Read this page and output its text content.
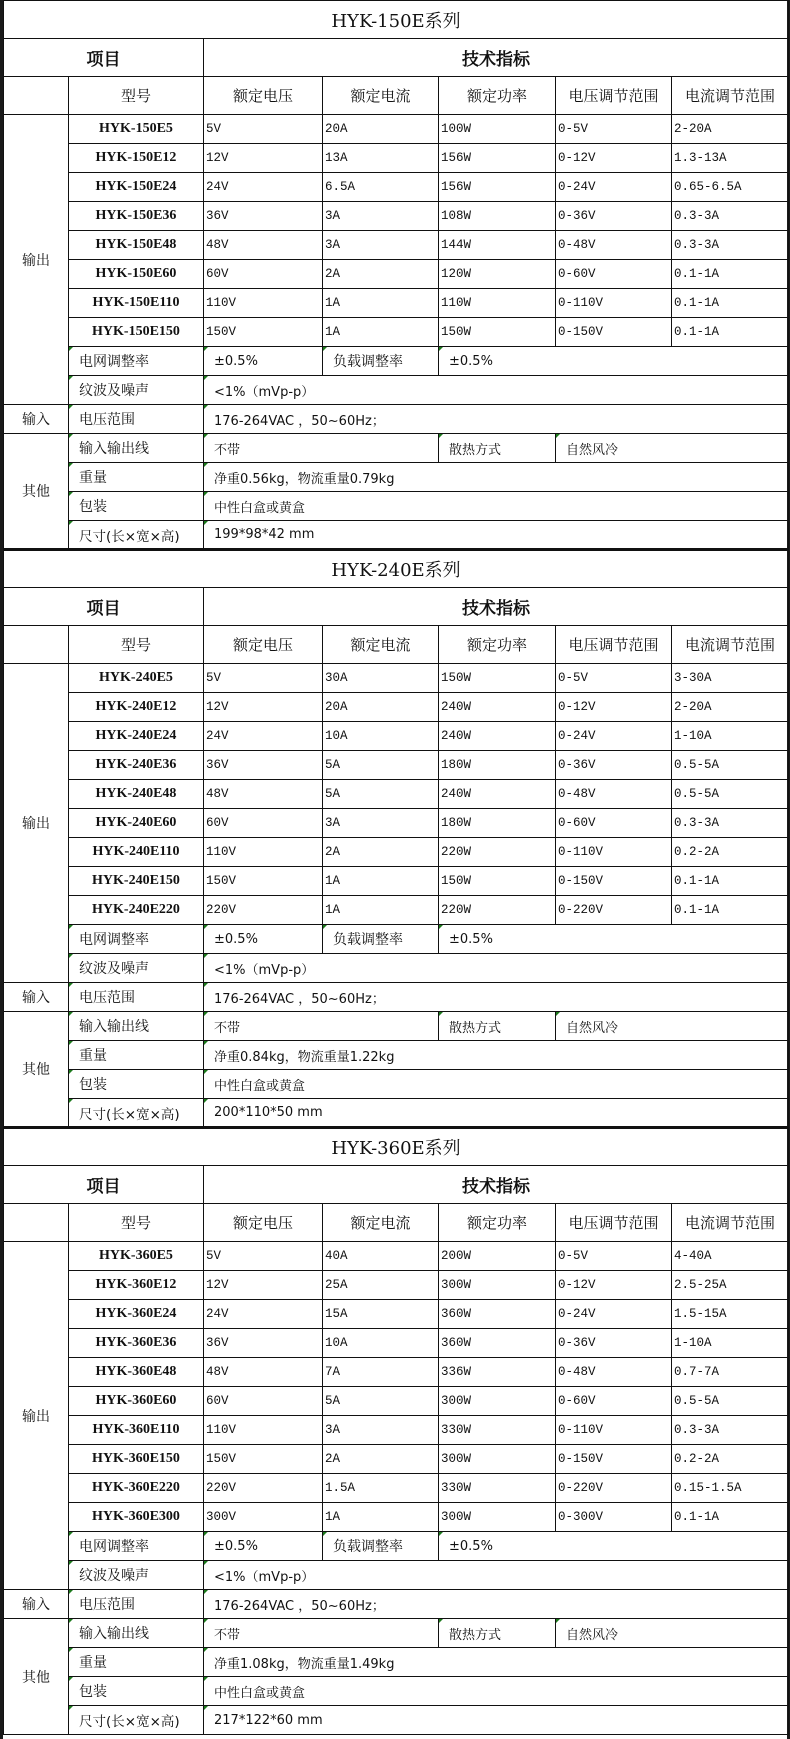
HYK-150E系列						
项目		技术指标				
	型号	额定电压	额定电流	额定功率	电压调节范围	电流调节范围
输出	HYK-150E5	5V	20A	100W	0-5V	2-20A
	HYK-150E12	12V	13A	156W	0-12V	1.3-13A
	HYK-150E24	24V	6.5A	156W	0-24V	0.65-6.5A
	HYK-150E36	36V	3A	108W	0-36V	0.3-3A
	HYK-150E48	48V	3A	144W	0-48V	0.3-3A
	HYK-150E60	60V	2A	120W	0-60V	0.1-1A
	HYK-150E110	110V	1A	110W	0-110V	0.1-1A
	HYK-150E150	150V	1A	150W	0-150V	0.1-1A
	电网调整率	±0.5%	负载调整率	±0.5%		
	纹波及噪声	<1%（mVp-p）				
输入	电压范围	176-264VAC ，50~60Hz；				
其他	输入输出线	不带		散热方式	自然风冷	
	重量	净重0.56kg，物流重量0.79kg				
	包装	中性白盒或黄盒				
	尺寸(长×宽×高)	199*98*42 mm				
HYK-240E系列						
项目		技术指标				
	型号	额定电压	额定电流	额定功率	电压调节范围	电流调节范围
输出	HYK-240E5	5V	30A	150W	0-5V	3-30A
	HYK-240E12	12V	20A	240W	0-12V	2-20A
	HYK-240E24	24V	10A	240W	0-24V	1-10A
	HYK-240E36	36V	5A	180W	0-36V	0.5-5A
	HYK-240E48	48V	5A	240W	0-48V	0.5-5A
	HYK-240E60	60V	3A	180W	0-60V	0.3-3A
	HYK-240E110	110V	2A	220W	0-110V	0.2-2A
	HYK-240E150	150V	1A	150W	0-150V	0.1-1A
	HYK-240E220	220V	1A	220W	0-220V	0.1-1A
	电网调整率	±0.5%	负载调整率	±0.5%		
	纹波及噪声	<1%（mVp-p）				
输入	电压范围	176-264VAC ，50~60Hz；				
其他	输入输出线	不带		散热方式	自然风冷	
	重量	净重0.84kg，物流重量1.22kg				
	包装	中性白盒或黄盒				
	尺寸(长×宽×高)	200*110*50 mm				
HYK-360E系列						
项目		技术指标				
	型号	额定电压	额定电流	额定功率	电压调节范围	电流调节范围
输出	HYK-360E5	5V	40A	200W	0-5V	4-40A
	HYK-360E12	12V	25A	300W	0-12V	2.5-25A
	HYK-360E24	24V	15A	360W	0-24V	1.5-15A
	HYK-360E36	36V	10A	360W	0-36V	1-10A
	HYK-360E48	48V	7A	336W	0-48V	0.7-7A
	HYK-360E60	60V	5A	300W	0-60V	0.5-5A
	HYK-360E110	110V	3A	330W	0-110V	0.3-3A
	HYK-360E150	150V	2A	300W	0-150V	0.2-2A
	HYK-360E220	220V	1.5A	330W	0-220V	0.15-1.5A
	HYK-360E300	300V	1A	300W	0-300V	0.1-1A
	电网调整率	±0.5%	负载调整率	±0.5%		
	纹波及噪声	<1%（mVp-p）				
输入	电压范围	176-264VAC ，50~60Hz；				
其他	输入输出线	不带		散热方式	自然风冷	
	重量	净重1.08kg，物流重量1.49kg				
	包装	中性白盒或黄盒				
	尺寸(长×宽×高)	217*122*60 mm				
